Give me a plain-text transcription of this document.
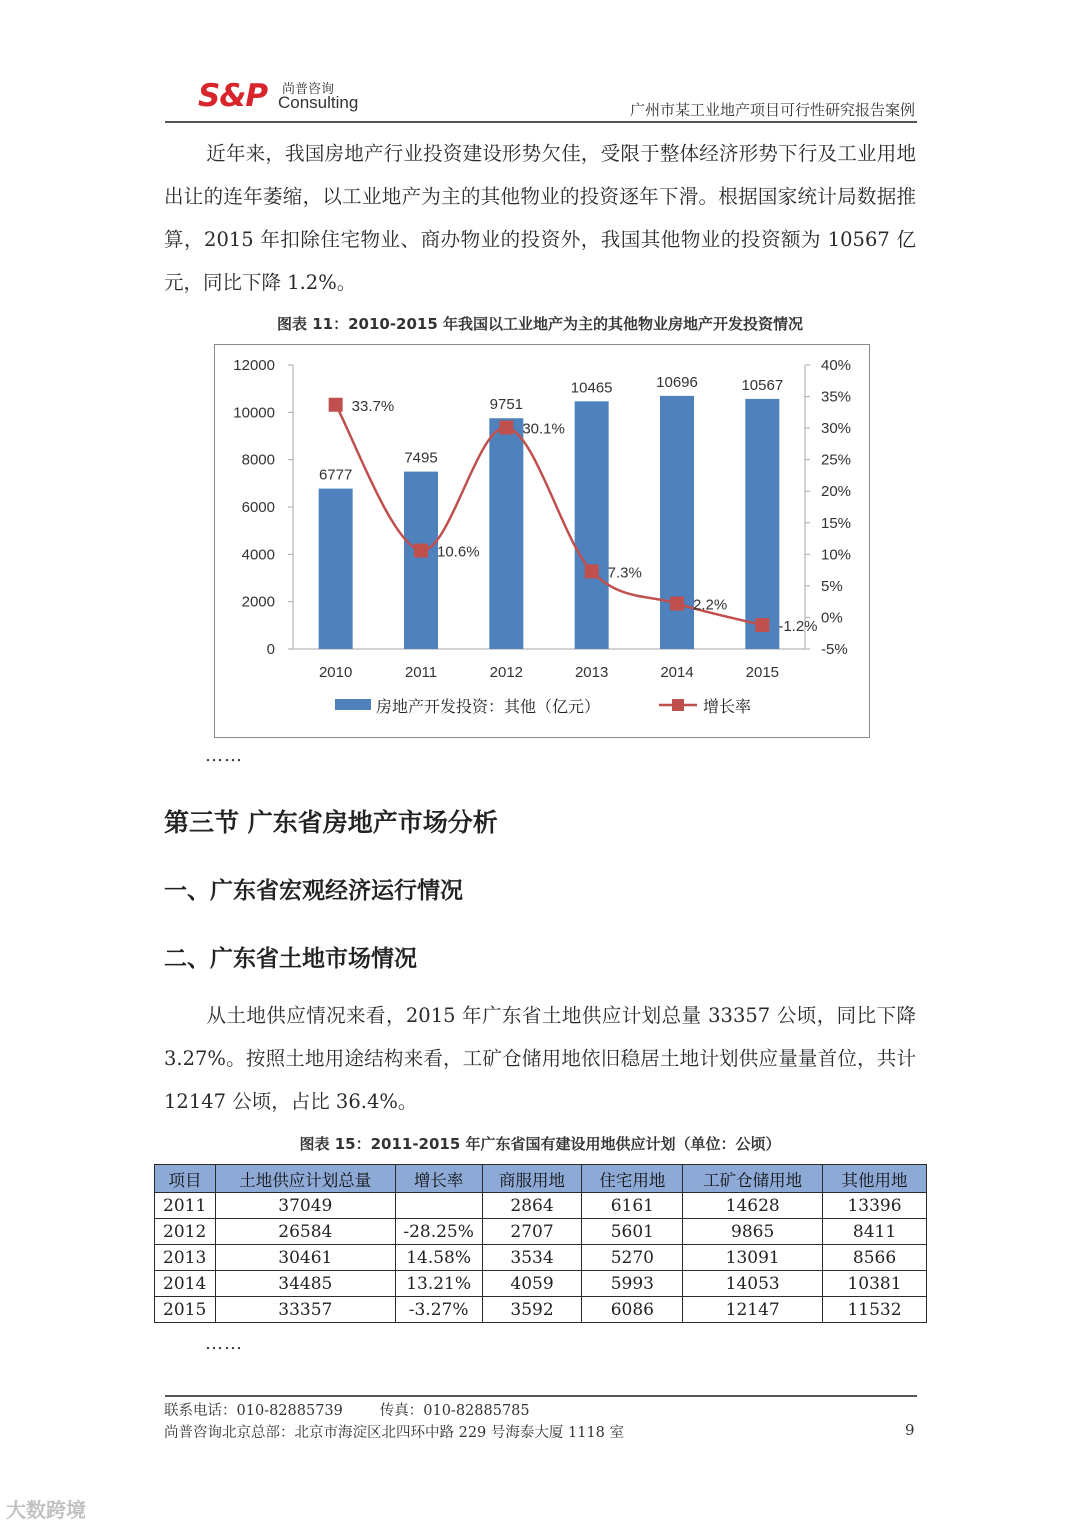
S&P 尚普咨询
Consulting	广州市某工业地产项目可行性研究报告案例
近年来，我国房地产行业投资建设形势欠佳，受限于整体经济形势下行及工业用地出让的连年萎缩，以工业地产为主的其他物业的投资逐年下滑。根据国家统计局数据推算，2015 年扣除住宅物业、商办物业的投资外，我国其他物业的投资额为 10567 亿元，同比下降 1.2%。
图表 11：2010-2015 年我国以工业地产为主的其他物业房地产开发投资情况
0
2000
4000
6000
8000
10000
12000
-5%
0%
5%
10%
15%
20%
25%
30%
35%
40%
6777
2010
7495
2011
9751
2012
10465
2013
10696
2014
10567
2015
33.7%
10.6%
30.1%
7.3%
2.2%
-1.2%
房地产开发投资：其他（亿元）	增长率
……
第三节 广东省房地产市场分析
一、广东省宏观经济运行情况
二、广东省土地市场情况
从土地供应情况来看，2015 年广东省土地供应计划总量 33357 公顷，同比下降 3.27%。按照土地用途结构来看，工矿仓储用地依旧稳居土地计划供应量量首位，共计 12147 公顷，占比 36.4%。
图表 15：2011-2015 年广东省国有建设用地供应计划（单位：公顷）
项目	土地供应计划总量	增长率	商服用地	住宅用地	工矿仓储用地	其他用地
2011	37049		2864	6161	14628	13396
2012	26584	-28.25%	2707	5601	9865	8411
2013	30461	14.58%	3534	5270	13091	8566
2014	34485	13.21%	4059	5993	14053	10381
2015	33357	-3.27%	3592	6086	12147	11532
……
联系电话：010-82885739        传真：010-82885785
尚普咨询北京总部：北京市海淀区北四环中路 229 号海泰大厦 1118 室	9
大数跨境
